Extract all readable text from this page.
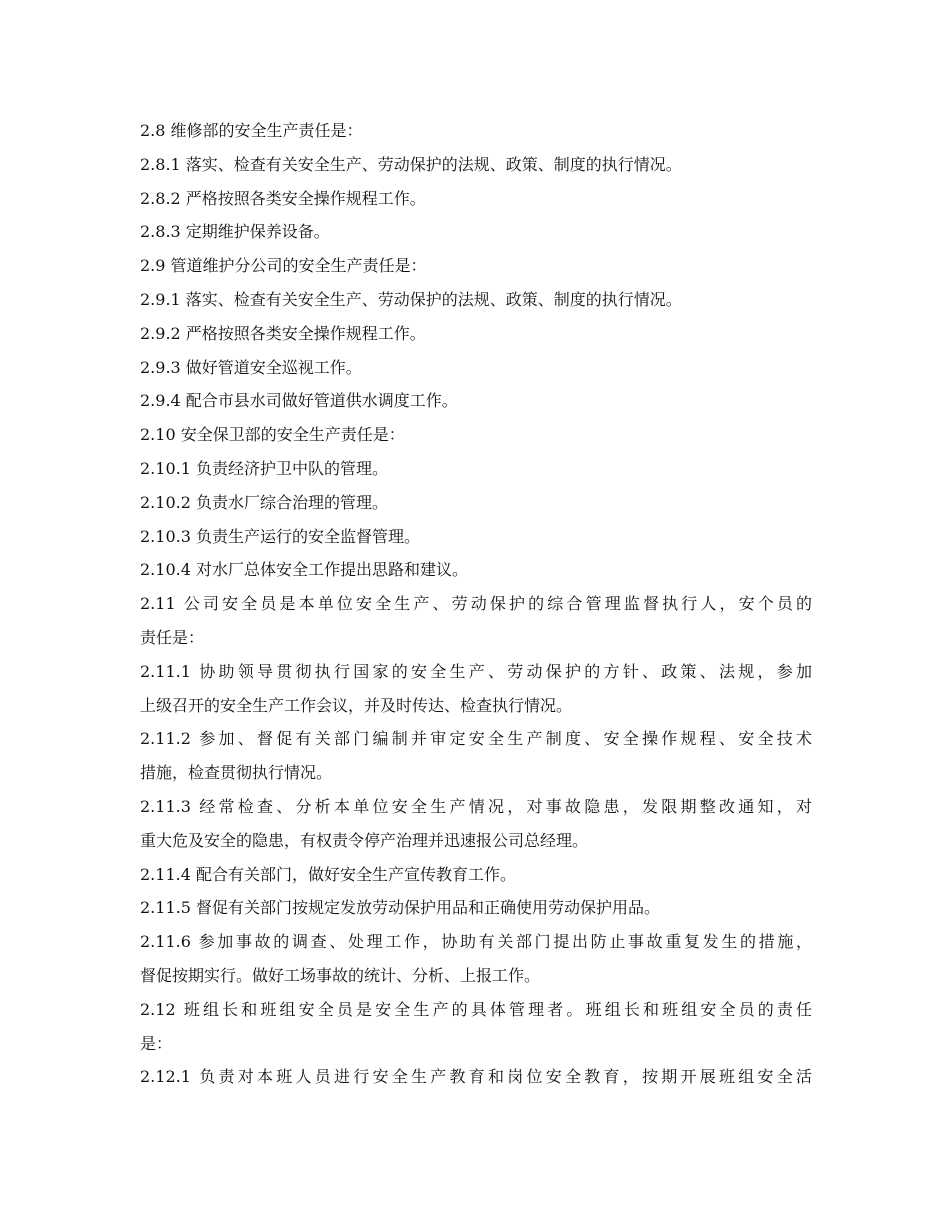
2.8 维修部的安全生产责任是：
2.8.1 落实、检查有关安全生产、劳动保护的法规、政策、制度的执行情况。
2.8.2 严格按照各类安全操作规程工作。
2.8.3 定期维护保养设备。
2.9 管道维护分公司的安全生产责任是：
2.9.1 落实、检查有关安全生产、劳动保护的法规、政策、制度的执行情况。
2.9.2 严格按照各类安全操作规程工作。
2.9.3 做好管道安全巡视工作。
2.9.4 配合市县水司做好管道供水调度工作。
2.10 安全保卫部的安全生产责任是：
2.10.1 负责经济护卫中队的管理。
2.10.2 负责水厂综合治理的管理。
2.10.3 负责生产运行的安全监督管理。
2.10.4 对水厂总体安全工作提出思路和建议。
2.11 公司安全员是本单位安全生产、劳动保护的综合管理监督执行人，安个员的
责任是：
2.11.1 协助领导贯彻执行国家的安全生产、劳动保护的方针、政策、法规，参加
上级召开的安全生产工作会议，并及时传达、检查执行情况。
2.11.2 参加、督促有关部门编制并审定安全生产制度、安全操作规程、安全技术
措施，检查贯彻执行情况。
2.11.3 经常检查、分析本单位安全生产情况，对事故隐患，发限期整改通知，对
重大危及安全的隐患，有权责令停产治理并迅速报公司总经理。
2.11.4 配合有关部门，做好安全生产宣传教育工作。
2.11.5 督促有关部门按规定发放劳动保护用品和正确使用劳动保护用品。
2.11.6 参加事故的调查、处理工作，协助有关部门提出防止事故重复发生的措施，
督促按期实行。做好工场事故的统计、分析、上报工作。
2.12 班组长和班组安全员是安全生产的具体管理者。班组长和班组安全员的责任
是：
2.12.1 负责对本班人员进行安全生产教育和岗位安全教育，按期开展班组安全活
